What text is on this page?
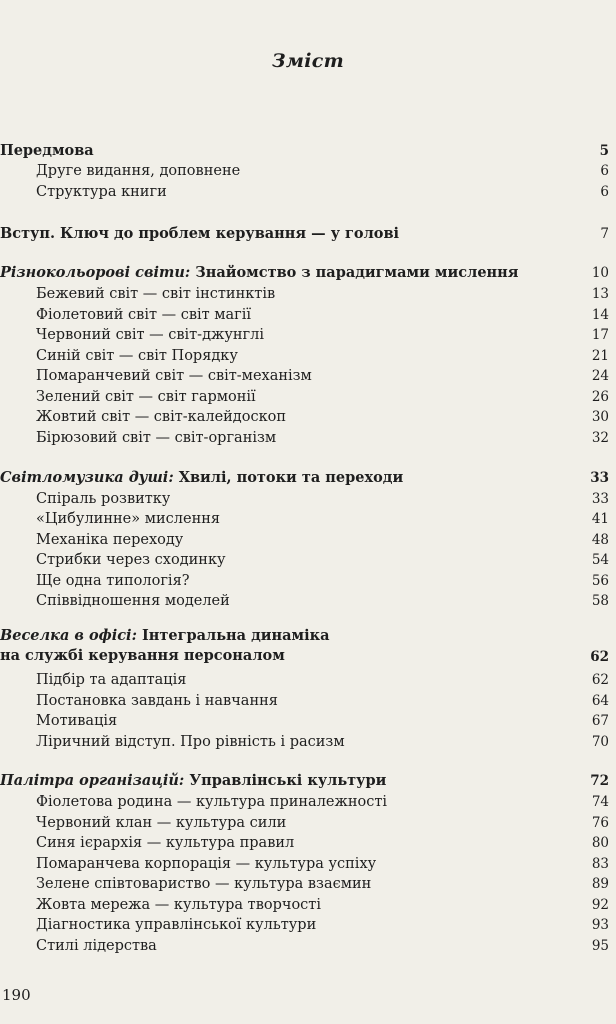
Зміст
Передмова	5
Друге видання, доповнене	6
Структура книги	6
Вступ. Ключ до проблем керування — у голові	7
Різнокольорові світи: Знайомство з парадигмами мислення	10
Бежевий світ — світ інстинктів	13
Фіолетовий світ — світ магії	14
Червоний світ — світ-джунглі	17
Синій світ — світ Порядку	21
Помаранчевий світ — світ-механізм	24
Зелений світ — світ гармонії	26
Жовтий світ — світ-калейдоскоп	30
Бірюзовий світ — світ-організм	32
Світломузика душі: Хвилі, потоки та переходи	33
Спіраль розвитку	33
«Цибулинне» мислення	41
Механіка переходу	48
Стрибки через сходинку	54
Ще одна типологія?	56
Співвідношення моделей	58
Веселка в офісі: Інтегральна динаміка
на службі керування персоналом	62
Підбір та адаптація	62
Постановка завдань і навчання	64
Мотивація	67
Ліричний відступ. Про рівність і расизм	70
Палітра організацій: Управлінські культури	72
Фіолетова родина — культура приналежності	74
Червоний клан — культура сили	76
Синя ієрархія — культура правил	80
Помаранчева корпорація — культура успіху	83
Зелене співтовариство — культура взаємин	89
Жовта мережа — культура творчості	92
Діагностика управлінської культури	93
Стилі лідерства	95
190
